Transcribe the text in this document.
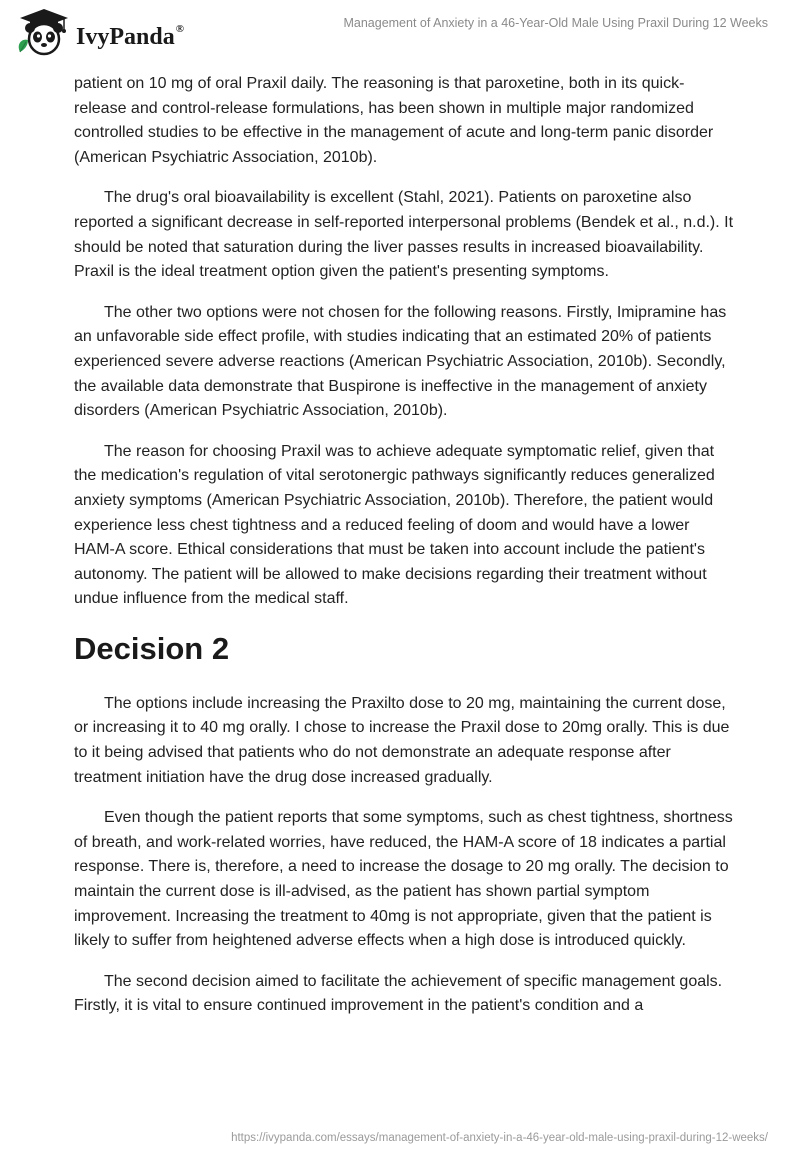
IvyPanda®	Management of Anxiety in a 46-Year-Old Male Using Praxil During 12 Weeks

patient on 10 mg of oral Praxil daily. The reasoning is that paroxetine, both in its quick-release and control-release formulations, has been shown in multiple major randomized controlled studies to be effective in the management of acute and long-term panic disorder (American Psychiatric Association, 2010b).

The drug's oral bioavailability is excellent (Stahl, 2021). Patients on paroxetine also reported a significant decrease in self-reported interpersonal problems (Bendek et al., n.d.). It should be noted that saturation during the liver passes results in increased bioavailability. Praxil is the ideal treatment option given the patient's presenting symptoms.

The other two options were not chosen for the following reasons. Firstly, Imipramine has an unfavorable side effect profile, with studies indicating that an estimated 20% of patients experienced severe adverse reactions (American Psychiatric Association, 2010b). Secondly, the available data demonstrate that Buspirone is ineffective in the management of anxiety disorders (American Psychiatric Association, 2010b).

The reason for choosing Praxil was to achieve adequate symptomatic relief, given that the medication's regulation of vital serotonergic pathways significantly reduces generalized anxiety symptoms (American Psychiatric Association, 2010b). Therefore, the patient would experience less chest tightness and a reduced feeling of doom and would have a lower HAM-A score. Ethical considerations that must be taken into account include the patient's autonomy. The patient will be allowed to make decisions regarding their treatment without undue influence from the medical staff.

Decision 2

The options include increasing the Praxilto dose to 20 mg, maintaining the current dose, or increasing it to 40 mg orally. I chose to increase the Praxil dose to 20mg orally. This is due to it being advised that patients who do not demonstrate an adequate response after treatment initiation have the drug dose increased gradually.

Even though the patient reports that some symptoms, such as chest tightness, shortness of breath, and work-related worries, have reduced, the HAM-A score of 18 indicates a partial response. There is, therefore, a need to increase the dosage to 20 mg orally. The decision to maintain the current dose is ill-advised, as the patient has shown partial symptom improvement. Increasing the treatment to 40mg is not appropriate, given that the patient is likely to suffer from heightened adverse effects when a high dose is introduced quickly.

The second decision aimed to facilitate the achievement of specific management goals. Firstly, it is vital to ensure continued improvement in the patient's condition and a

https://ivypanda.com/essays/management-of-anxiety-in-a-46-year-old-male-using-praxil-during-12-weeks/
